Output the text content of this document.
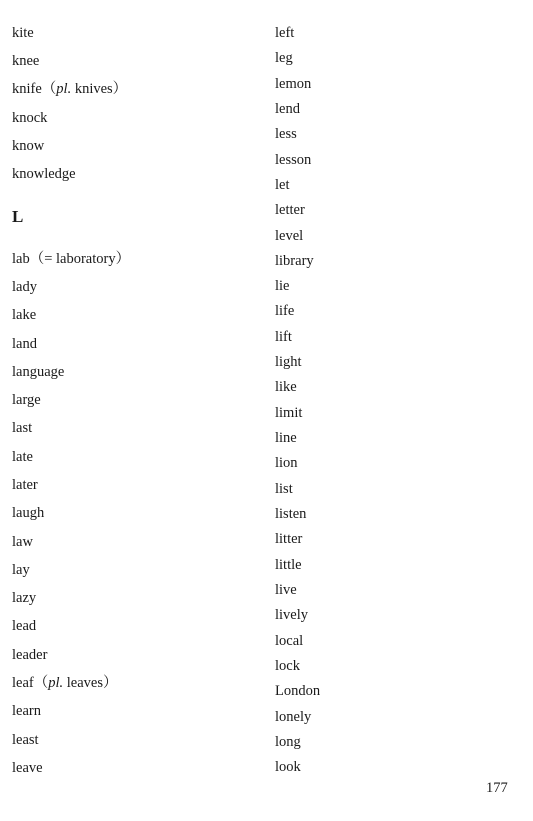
kite
knee
knife（pl. knives）
knock
know
knowledge
L
lab（= laboratory）
lady
lake
land
language
large
last
late
later
laugh
law
lay
lazy
lead
leader
leaf（pl. leaves）
learn
least
leave
left
leg
lemon
lend
less
lesson
let
letter
level
library
lie
life
lift
light
like
limit
line
lion
list
listen
litter
little
live
lively
local
lock
London
lonely
long
look
177
